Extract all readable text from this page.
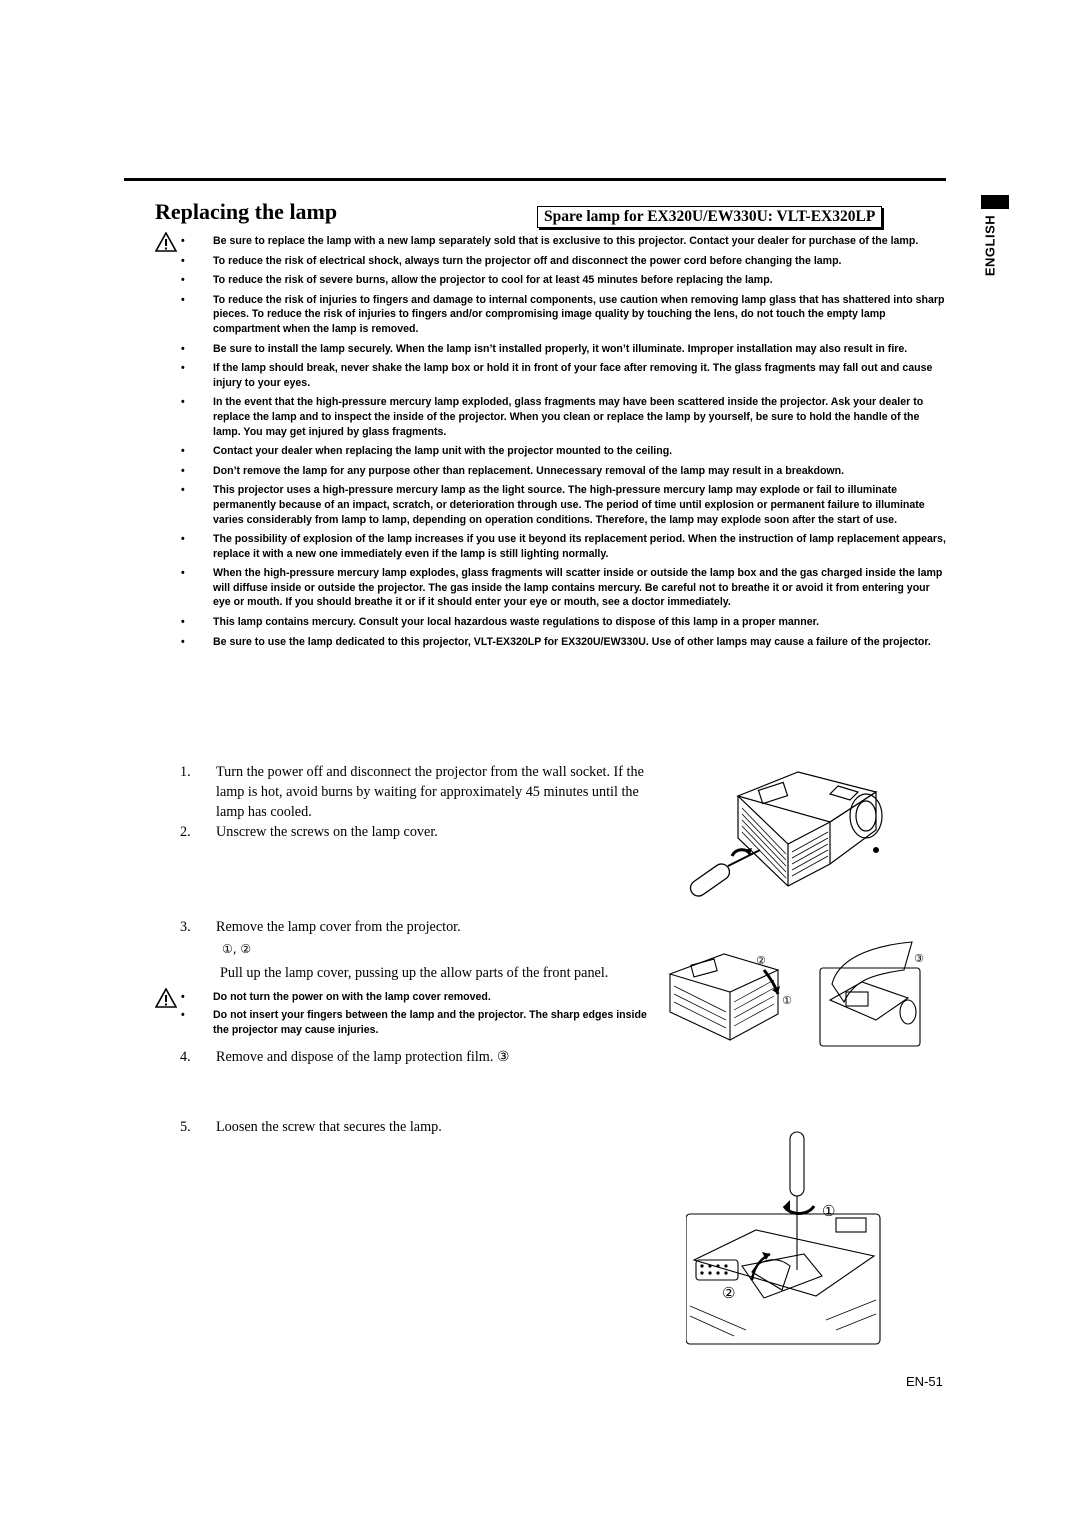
ENGLISH
Replacing the lamp	Spare lamp for EX320U/EW330U: VLT-EX320LP
• Be sure to replace the lamp with a new lamp separately sold that is exclusive to this projector. Contact your dealer for purchase of the lamp.
• To reduce the risk of electrical shock, always turn the projector off and disconnect the power cord before changing the lamp.
• To reduce the risk of severe burns, allow the projector to cool for at least 45 minutes before replacing the lamp.
• To reduce the risk of injuries to fingers and damage to internal components, use caution when removing lamp glass that has shattered into sharp pieces. To reduce the risk of injuries to fingers and/or compromising image quality by touching the lens, do not touch the empty lamp compartment when the lamp is removed.
• Be sure to install the lamp securely. When the lamp isn’t installed properly, it won’t illuminate. Improper installation may also result in fire.
• If the lamp should break, never shake the lamp box or hold it in front of your face after removing it. The glass fragments may fall out and cause injury to your eyes.
• In the event that the high-pressure mercury lamp exploded, glass fragments may have been scattered inside the projector. Ask your dealer to replace the lamp and to inspect the inside of the projector. When you clean or replace the lamp by yourself, be sure to hold the handle of the lamp. You may get injured by glass fragments.
• Contact your dealer when replacing the lamp unit with the projector mounted to the ceiling.
• Don’t remove the lamp for any purpose other than replacement. Unnecessary removal of the lamp may result in a breakdown.
• This projector uses a high-pressure mercury lamp as the light source. The high-pressure mercury lamp may explode or fail to illuminate permanently because of an impact, scratch, or deterioration through use. The period of time until explosion or permanent failure to illuminate varies considerably from lamp to lamp, depending on operation conditions. Therefore, the lamp may explode soon after the start of use.
• The possibility of explosion of the lamp increases if you use it beyond its replacement period. When the instruction of lamp replacement appears, replace it with a new one immediately even if the lamp is still lighting normally.
• When the high-pressure mercury lamp explodes, glass fragments will scatter inside or outside the lamp box and the gas charged inside the lamp will diffuse inside or outside the projector. The gas inside the lamp contains mercury. Be careful not to breathe it or avoid it from entering your eye or mouth. If you should breathe it or if it should enter your eye or mouth, see a doctor immediately.
• This lamp contains mercury. Consult your local hazardous waste regulations to dispose of this lamp in a proper manner.
• Be sure to use the lamp dedicated to this projector, VLT-EX320LP for EX320U/EW330U. Use of other lamps may cause a failure of the projector.
1.	Turn the power off and disconnect the projector from the wall socket. If the lamp is hot, avoid burns by waiting for approximately 45 minutes until the lamp has cooled.
2.	Unscrew the screws on the lamp cover.
3.	Remove the lamp cover from the projector.
①, ②
Pull up the lamp cover, pussing up the allow parts of the front panel.
• Do not turn the power on with the lamp cover removed.
• Do not insert your fingers between the lamp and the projector. The sharp edges inside the projector may cause injuries.
②
①
③
4.	Remove and dispose of the lamp protection film. ③
5.	Loosen the screw that secures the lamp.
①
②
EN-51
